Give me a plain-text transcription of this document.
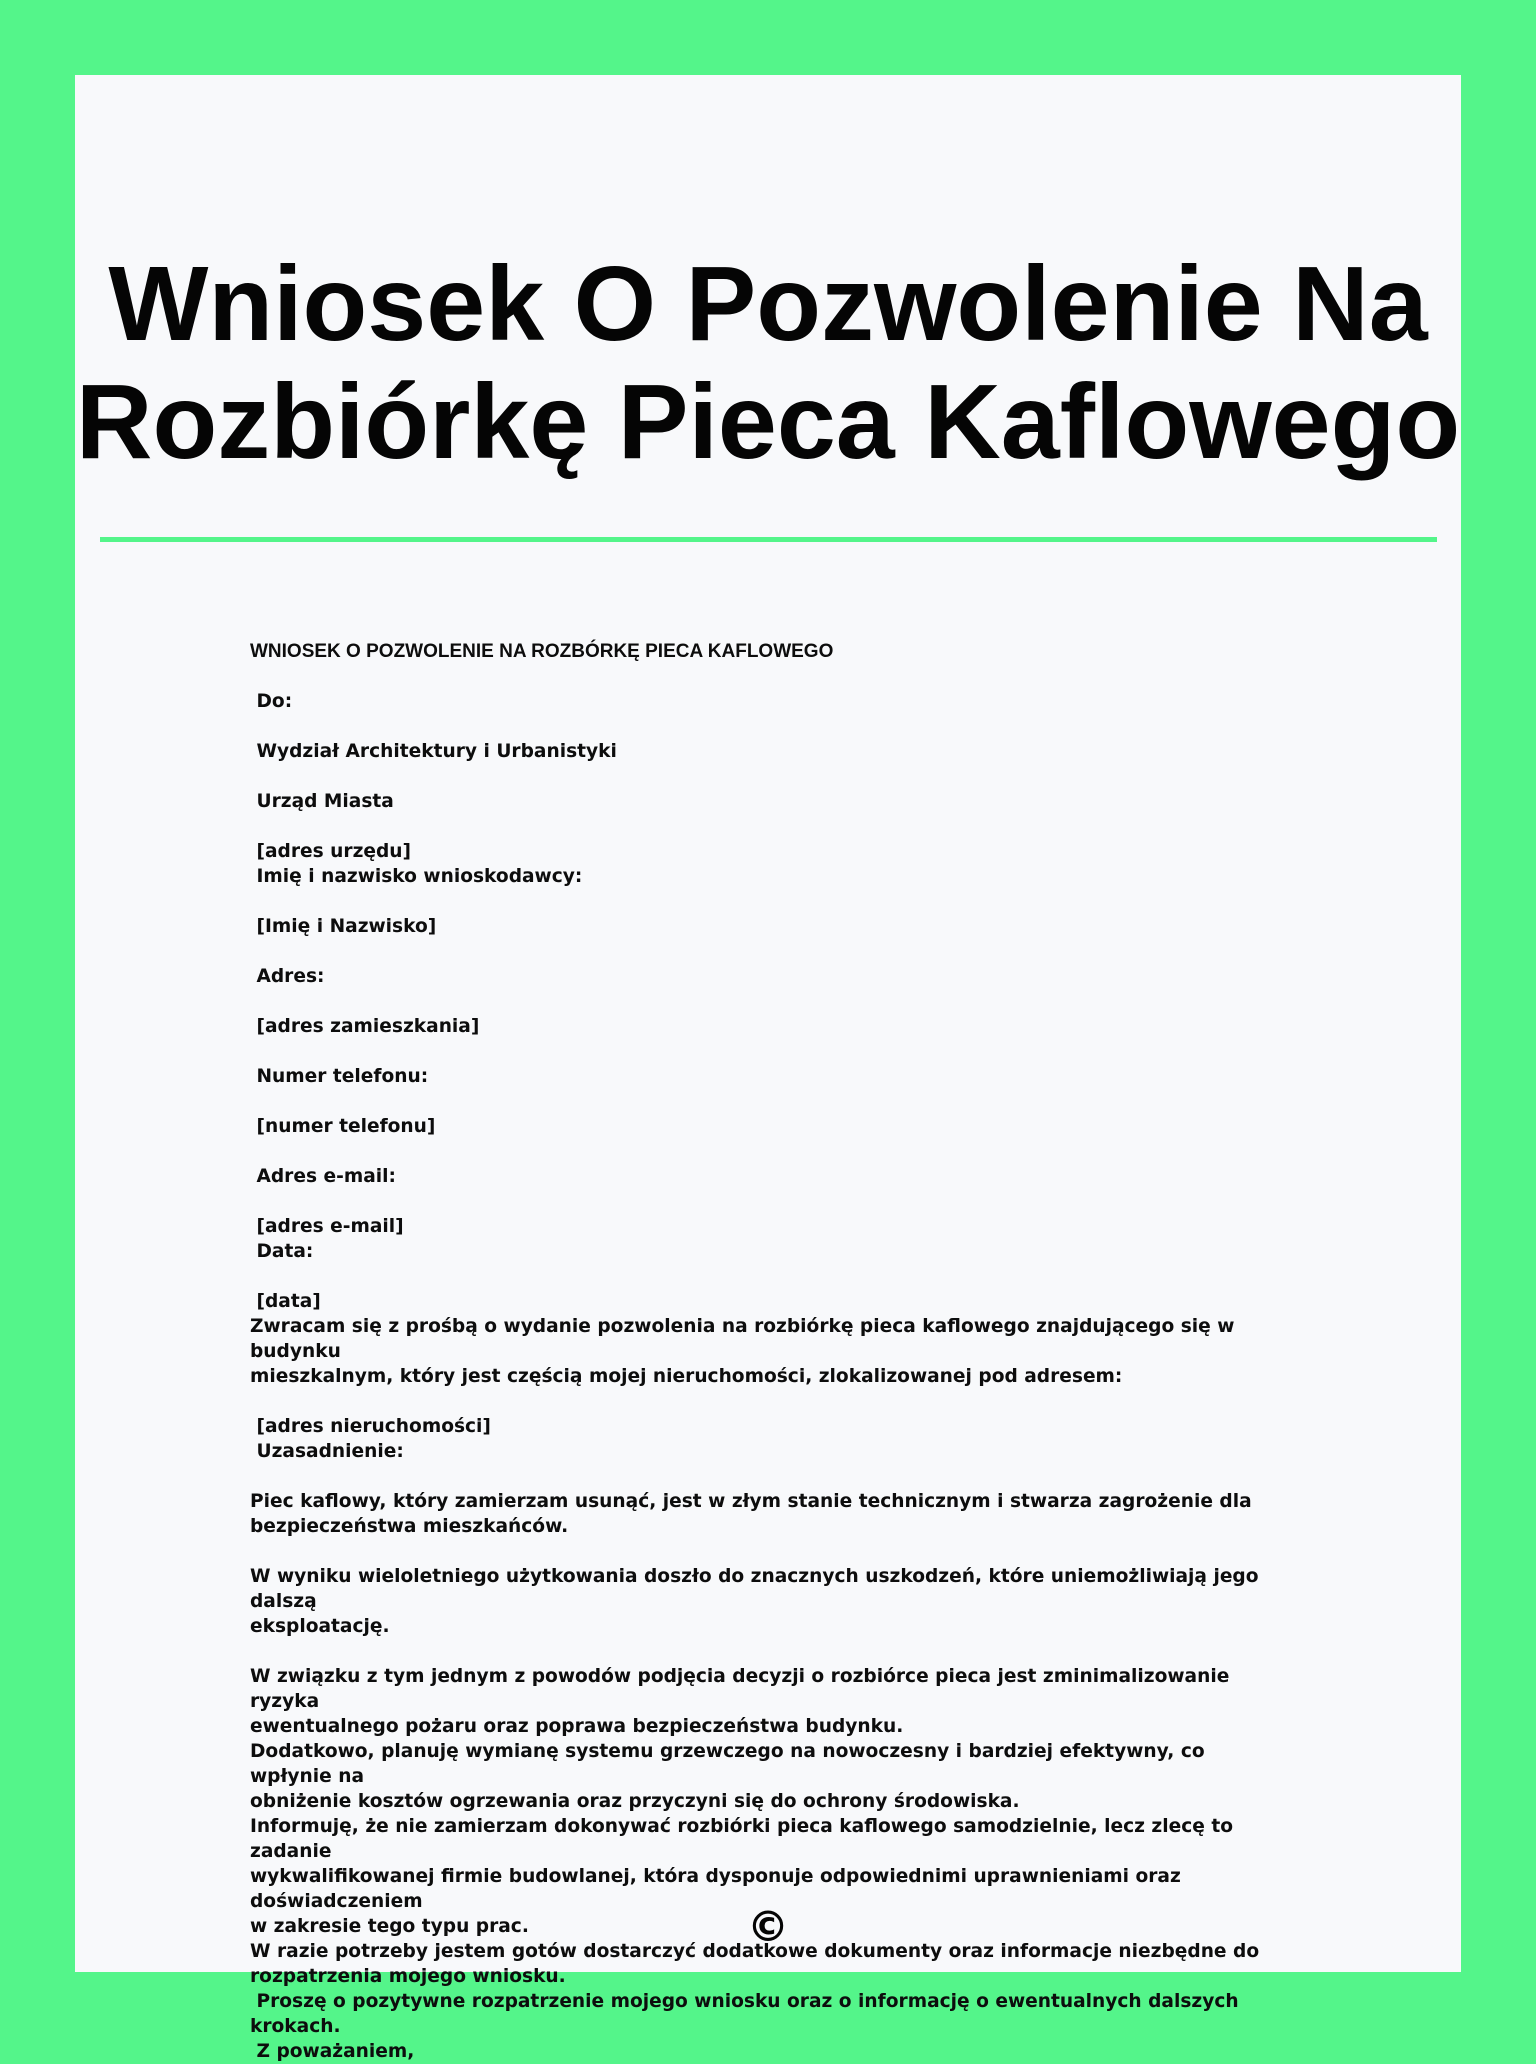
Wniosek O Pozwolenie Na
Rozbiórkę Pieca Kaflowego

WNIOSEK O POZWOLENIE NA ROZBÓRKĘ PIECA KAFLOWEGO

Do:
Wydział Architektury i Urbanistyki
Urząd Miasta
[adres urzędu]
Imię i nazwisko wnioskodawcy:
[Imię i Nazwisko]
Adres:
[adres zamieszkania]
Numer telefonu:
[numer telefonu]
Adres e-mail:
[adres e-mail]
Data:
[data]
Zwracam się z prośbą o wydanie pozwolenia na rozbiórkę pieca kaflowego znajdującego się w budynku
mieszkalnym, który jest częścią mojej nieruchomości, zlokalizowanej pod adresem:
[adres nieruchomości]
Uzasadnienie:
Piec kaflowy, który zamierzam usunąć, jest w złym stanie technicznym i stwarza zagrożenie dla
bezpieczeństwa mieszkańców.
W wyniku wieloletniego użytkowania doszło do znacznych uszkodzeń, które uniemożliwiają jego dalszą
eksploatację.
W związku z tym jednym z powodów podjęcia decyzji o rozbiórce pieca jest zminimalizowanie ryzyka
ewentualnego pożaru oraz poprawa bezpieczeństwa budynku.
Dodatkowo, planuję wymianę systemu grzewczego na nowoczesny i bardziej efektywny, co wpłynie na
obniżenie kosztów ogrzewania oraz przyczyni się do ochrony środowiska.
Informuję, że nie zamierzam dokonywać rozbiórki pieca kaflowego samodzielnie, lecz zlecę to zadanie
wykwalifikowanej firmie budowlanej, która dysponuje odpowiednimi uprawnieniami oraz doświadczeniem
w zakresie tego typu prac.
W razie potrzeby jestem gotów dostarczyć dodatkowe dokumenty oraz informacje niezbędne do
rozpatrzenia mojego wniosku.
Proszę o pozytywne rozpatrzenie mojego wniosku oraz o informację o ewentualnych dalszych krokach.
Z poważaniem,
©
